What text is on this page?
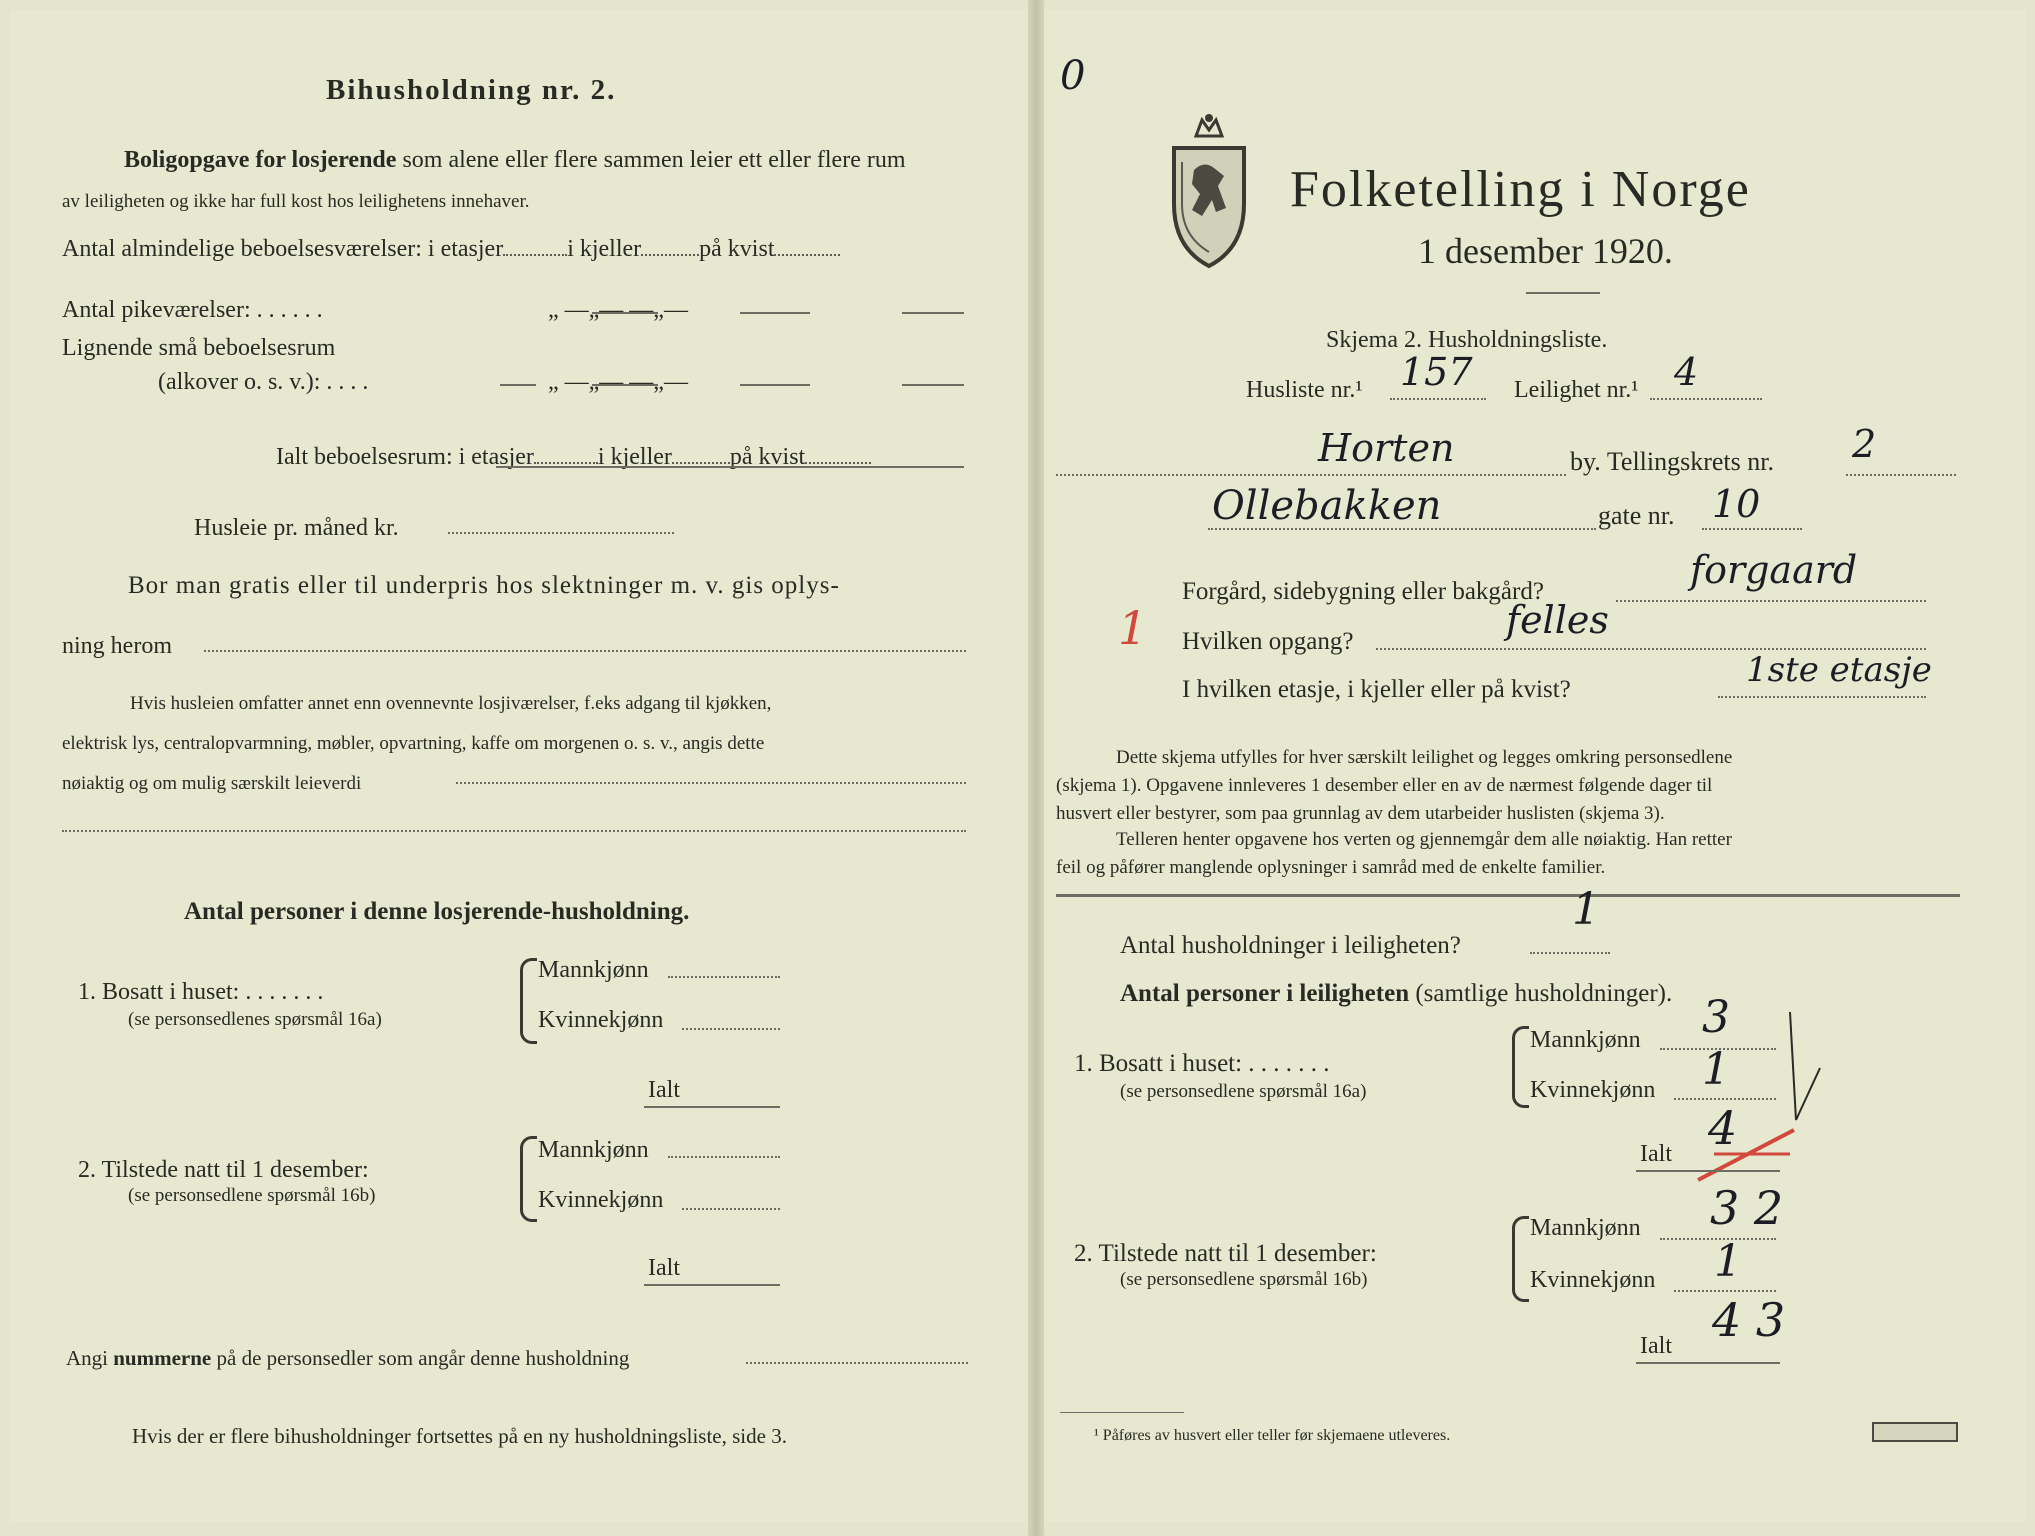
Bihusholdning nr. 2.
Boligopgave for losjerende som alene eller flere sammen leier ett eller flere rum
av leiligheten og ikke har full kost hos leilighetens innehaver.
Antal almindelige beboelsesværelser: i etasjer	i kjeller på kvist
Antal pikeværelser: . . . . . .	„ —„— —„—
Lignende små beboelsesrum
(alkover o. s. v.): . . . .	„ —„— —„—
Ialt beboelsesrum: i etasjer	i kjeller på kvist
Husleie pr. måned kr.
Bor man gratis eller til underpris hos slektninger m. v. gis oplys-
ning herom
Hvis husleien omfatter annet enn ovennevnte losjiværelser, f.eks adgang til kjøkken,
elektrisk lys, centralopvarmning, møbler, opvartning, kaffe om morgenen o. s. v., angis dette
nøiaktig og om mulig særskilt leieverdi
Antal personer i denne losjerende-husholdning.
1. Bosatt i huset: . . . . . . .
(se personsedlenes spørsmål 16a)
Mannkjønn
Kvinnekjønn
Ialt
2. Tilstede natt til 1 desember:
(se personsedlene spørsmål 16b)
Mannkjønn
Kvinnekjønn
Ialt
Angi nummerne på de personsedler som angår denne husholdning
Hvis der er flere bihusholdninger fortsettes på en ny husholdningsliste, side 3.
0
Folketelling i Norge
1 desember 1920.
Skjema 2. Husholdningsliste.
Husliste nr.¹ 157 Leilighet nr.¹ 4
Horten	by. Tellingskrets nr. 2
Ollebakken	gate nr. 10
Forgård, sidebygning eller bakgård?	forgaard
1 Hvilken opgang?	felles
I hvilken etasje, i kjeller eller på kvist?	1ste etasje
Dette skjema utfylles for hver særskilt leilighet og legges omkring personsedlene
(skjema 1). Opgavene innleveres 1 desember eller en av de nærmest følgende dager til
husvert eller bestyrer, som paa grunnlag av dem utarbeider huslisten (skjema 3).
Telleren henter opgavene hos verten og gjennemgår dem alle nøiaktig. Han retter
feil og påfører manglende oplysninger i samråd med de enkelte familier.
Antal husholdninger i leiligheten?
1
Antal personer i leiligheten (samtlige husholdninger).
1. Bosatt i huset: . . . . . . .
(se personsedlene spørsmål 16a)
Mannkjønn 3
Kvinnekjønn 1
Ialt 4
2. Tilstede natt til 1 desember:
(se personsedlene spørsmål 16b)
Mannkjønn 3 2
Kvinnekjønn 1
Ialt 4 3
¹ Påføres av husvert eller teller før skjemaene utleveres.
